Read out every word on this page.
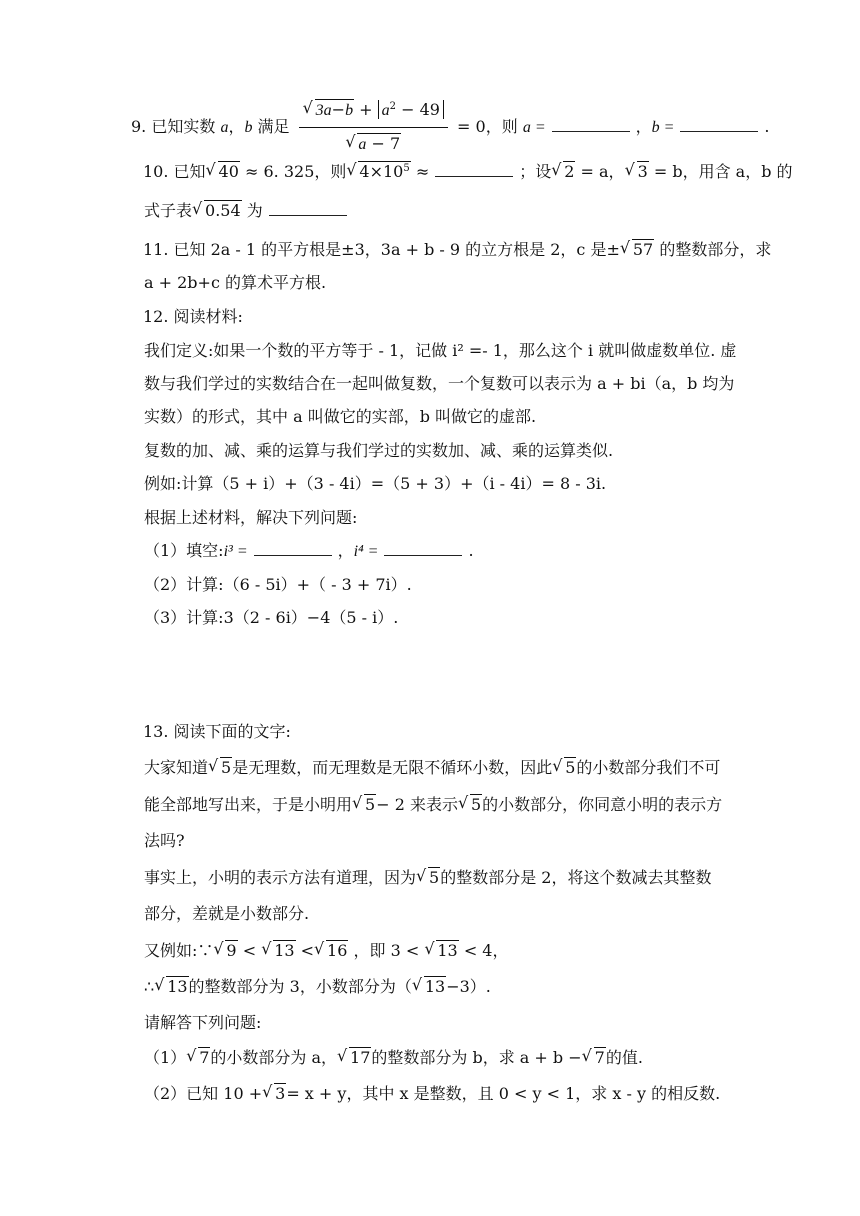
9. 已知实数 a，b 满足 √ $3a-b + a^2 - 49$
√ a − 7 = 0，则 a =	，b =	.
10. 已知 √ 40 ≈ 6. 325，则 √ $4\times 10^5$ ≈	；设 √ 2 = a， √ 3 = b，用含 a，b 的
式子表 √ 0.54 为
11. 已知 2a - 1 的平方根是±3，3a + b - 9 的立方根是 2，c 是± √ 57 的整数部分，求
a + 2b+c 的算术平方根.
12. 阅读材料:
我们定义:如果一个数的平方等于 - 1，记做 i² =- 1，那么这个 i 就叫做虚数单位. 虚
数与我们学过的实数结合在一起叫做复数，一个复数可以表示为 a + bi（a，b 均为
实数）的形式，其中 a 叫做它的实部，b 叫做它的虚部.
复数的加、减、乘的运算与我们学过的实数加、减、乘的运算类似.
例如:计算（5 + i）+（3 - 4i）=（5 + 3）+（i - 4i）= 8 - 3i.
根据上述材料，解决下列问题:
（1）填空:i³ =	，i⁴ =	.
（2）计算:（6 - 5i）+（ - 3 + 7i）.
（3）计算:3（2 - 6i）−4（5 - i）.
13. 阅读下面的文字:
大家知道 √ 5是无理数，而无理数是无限不循环小数，因此 √ 5的小数部分我们不可
能全部地写出来，于是小明用 √ 5− 2 来表示 √ 5的小数部分，你同意小明的表示方
法吗?
事实上，小明的表示方法有道理，因为 √ 5的整数部分是 2，将这个数减去其整数
部分，差就是小数部分.
又例如:∵ √ 9 < √ 13 < √ 16 ，即 3 < √ 13 < 4，
∴ √ 13的整数部分为 3，小数部分为（ √ 13−3）.
请解答下列问题:
（1） √ 7的小数部分为 a， √ 17的整数部分为 b，求 a + b − √ 7的值.
（2）已知 10 + √ 3= x + y，其中 x 是整数，且 0 < y < 1，求 x - y 的相反数.
